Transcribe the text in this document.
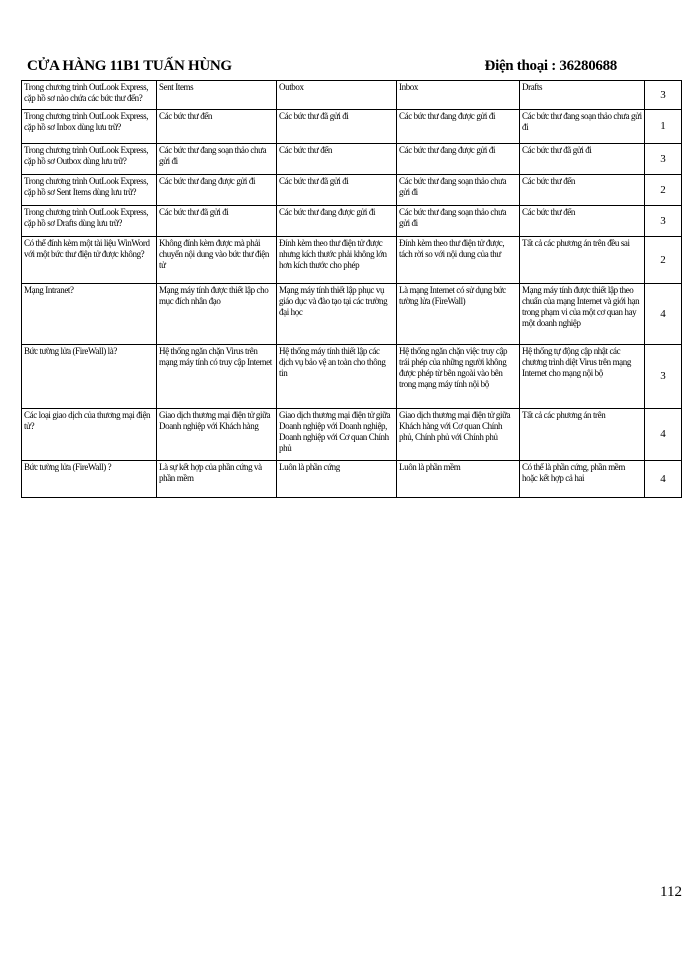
CỬA HÀNG 11B1 TUẤN HÙNG	Điện thoại : 36280688
Trong chương trình OutLook Express, cặp hồ sơ nào chứa các bức thư đến?	Sent Items	Outbox	Inbox	Drafts	3
Trong chương trình OutLook Express, cặp hồ sơ Inbox dùng lưu trữ?	Các bức thư đến	Các bức thư đã gửi đi	Các bức thư đang được gửi đi	Các bức thư đang soạn thảo chưa gửi đi	1
Trong chương trình OutLook Express, cặp hồ sơ Outbox dùng lưu trữ?	Các bức thư đang soạn thảo chưa gửi đi	Các bức thư đến	Các bức thư đang được gửi đi	Các bức thư đã gửi đi	3
Trong chương trình OutLook Express, cặp hồ sơ Sent Items dùng lưu trữ?	Các bức thư đang được gửi đi	Các bức thư đã gửi đi	Các bức thư đang soạn thảo chưa gửi đi	Các bức thư đến	2
Trong chương trình OutLook Express, cặp hồ sơ Drafts dùng lưu trữ?	Các bức thư đã gửi đi	Các bức thư đang được gửi đi	Các bức thư đang soạn thảo chưa gửi đi	Các bức thư đến	3
Có thể đính kèm một tài liệu WinWord với một bức thư điện tử được không?	Không đính kèm được mà phải chuyển nội dung vào bức thư điện tử	Đính kèm theo thư điện tử được nhưng kích thước phải không lớn hơn kích thước cho phép	Đính kèm theo thư điện tử được, tách rời so với nội dung của thư	Tất cả các phương án trên đều sai	2
Mạng Intranet?	Mạng máy tính được thiết lập cho mục đích nhân đạo	Mạng máy tính thiết lập phục vụ giáo dục và đào tạo tại các trường đại học	Là mạng Internet có sử dụng bức tường lửa (FireWall)	Mạng máy tính được thiết lập theo chuẩn của mạng Internet và giới hạn trong phạm vi của một cơ quan hay một doanh nghiệp	4
Bức tường lửa (FireWall) là?	Hệ thống ngăn chặn Virus trên mạng máy tính có truy cập Internet	Hệ thống máy tính thiết lập các dịch vụ bảo vệ an toàn cho thông tin	Hệ thống ngăn chặn việc truy cập trái phép của những người không được phép từ bên ngoài vào bên trong mạng máy tính nội bộ	Hệ thống tự động cập nhật các chương trình diệt Virus trên mạng Internet cho mạng nội bộ	3
Các loại giao dịch của thương mại điện tử?	Giao dịch thương mại điện tử giữa Doanh nghiệp với Khách hàng	Giao dịch thương mại điện tử giữa Doanh nghiệp với Doanh nghiệp, Doanh nghiệp với Cơ quan Chính phủ	Giao dịch thương mại điện tử giữa Khách hàng với Cơ quan Chính phủ, Chính phủ với Chính phủ	Tất cả các phương án trên	4
Bức tường lửa (FireWall) ?	Là sự kết hợp của phần cứng và phần mềm	Luôn là phần cứng	Luôn là phần mềm	Có thể là phần cứng, phần mềm hoặc kết hợp cả hai	4
112
